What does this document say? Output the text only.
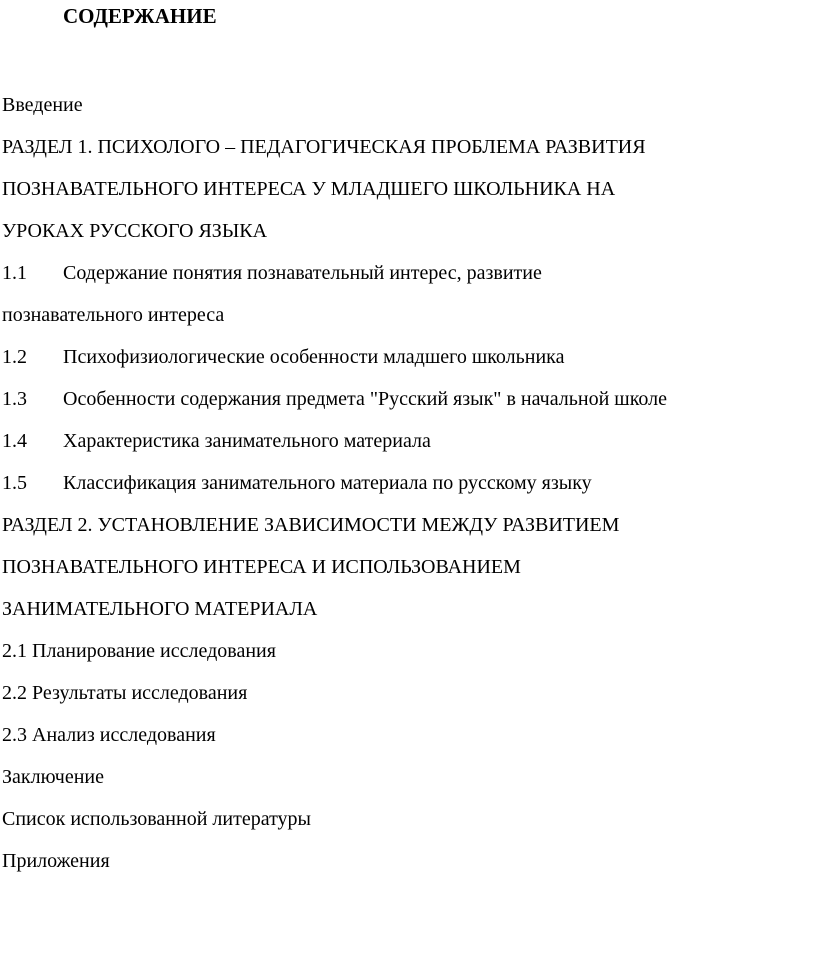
СОДЕРЖАНИЕ
Введение
РАЗДЕЛ 1. ПСИХОЛОГО – ПЕДАГОГИЧЕСКАЯ ПРОБЛЕМА РАЗВИТИЯ
ПОЗНАВАТЕЛЬНОГО ИНТЕРЕСА У МЛАДШЕГО ШКОЛЬНИКА НА
УРОКАХ РУССКОГО ЯЗЫКА
1.1 Содержание понятия познавательный интерес, развитие
познавательного интереса
1.2 Психофизиологические особенности младшего школьника
1.3 Особенности содержания предмета "Русский язык" в начальной школе
1.4 Характеристика занимательного материала
1.5 Классификация занимательного материала по русскому языку
РАЗДЕЛ 2. УСТАНОВЛЕНИЕ ЗАВИСИМОСТИ МЕЖДУ РАЗВИТИЕМ
ПОЗНАВАТЕЛЬНОГО ИНТЕРЕСА И ИСПОЛЬЗОВАНИЕМ
ЗАНИМАТЕЛЬНОГО МАТЕРИАЛА
2.1 Планирование исследования
2.2 Результаты исследования
2.3 Анализ исследования
Заключение
Список использованной литературы
Приложения
